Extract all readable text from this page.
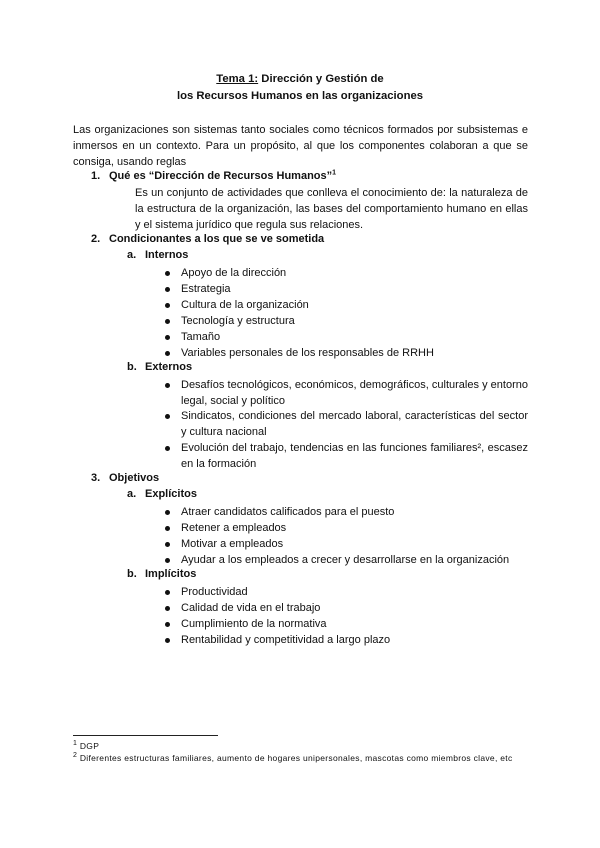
Tema 1: Dirección y Gestión de
los Recursos Humanos en las organizaciones
Las organizaciones son sistemas tanto sociales como técnicos formados por subsistemas e inmersos en un contexto. Para un propósito, al que los componentes colaboran a que se consiga, usando reglas
1. Qué es “Dirección de Recursos Humanos”$^1$
Es un conjunto de actividades que conlleva el conocimiento de: la naturaleza de la estructura de la organización, las bases del comportamiento humano en ellas y el sistema jurídico que regula sus relaciones.
2. Condicionantes a los que se ve sometida
a. Internos
Apoyo de la dirección
Estrategia
Cultura de la organización
Tecnología y estructura
Tamaño
Variables personales de los responsables de RRHH
b. Externos
Desafíos tecnológicos, económicos, demográficos, culturales y entorno legal, social y político
Sindicatos, condiciones del mercado laboral, características del sector y cultura nacional
Evolución del trabajo, tendencias en las funciones familiares², escasez en la formación
3. Objetivos
a. Explícitos
Atraer candidatos calificados para el puesto
Retener a empleados
Motivar a empleados
Ayudar a los empleados a crecer y desarrollarse en la organización
b. Implícitos
Productividad
Calidad de vida en el trabajo
Cumplimiento de la normativa
Rentabilidad y competitividad a largo plazo
$^1$ DGP
$^2$ Diferentes estructuras familiares, aumento de hogares unipersonales, mascotas como miembros clave, etc
